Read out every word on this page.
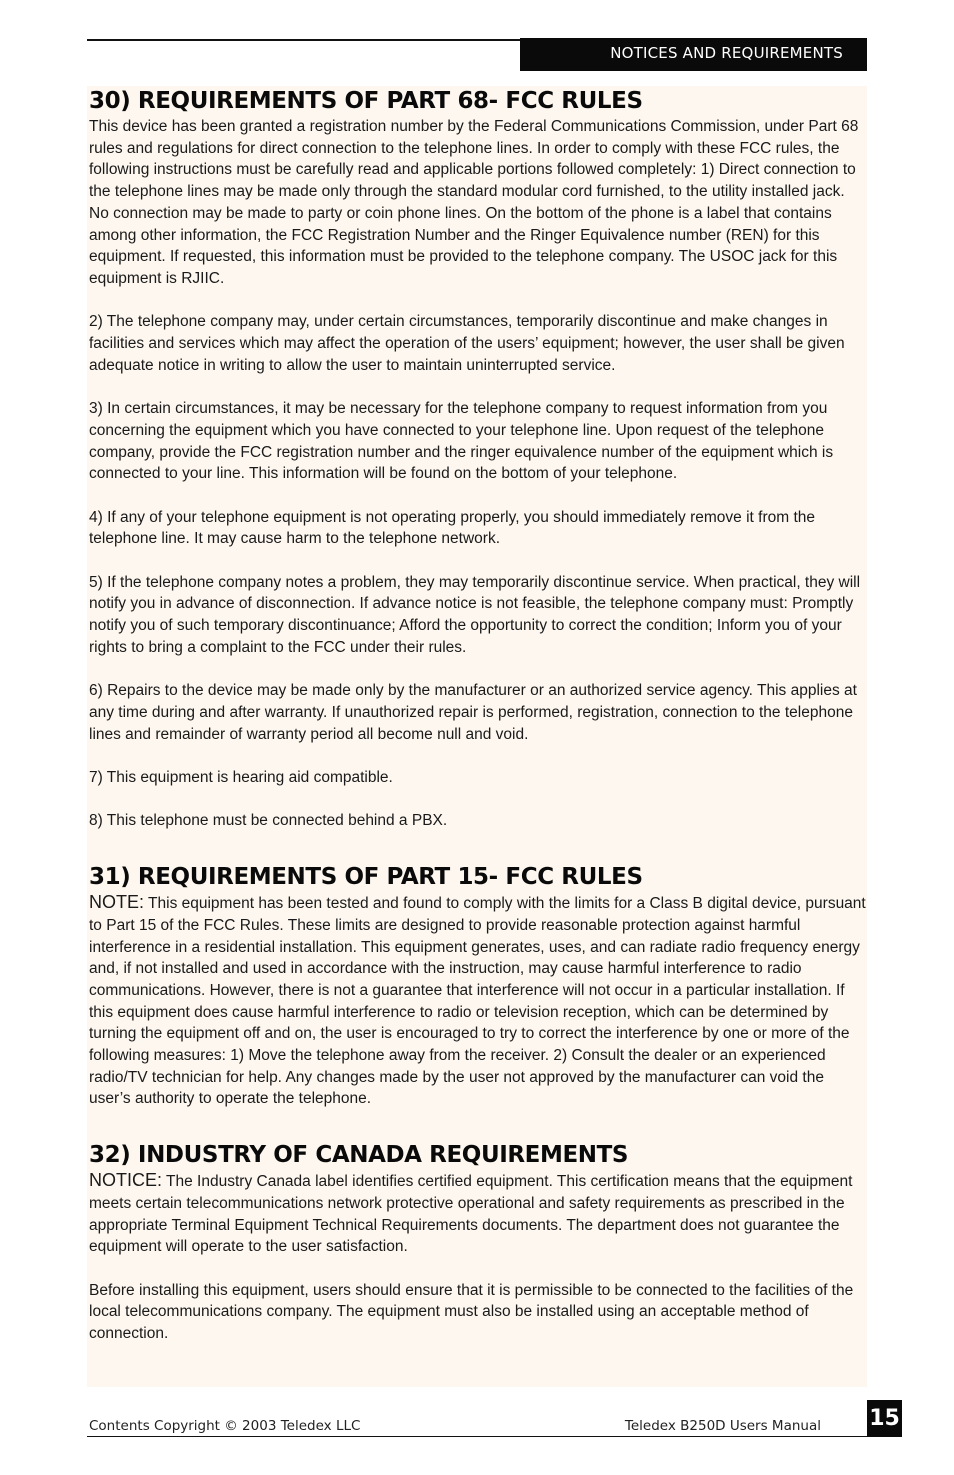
NOTICES AND REQUIREMENTS
30) REQUIREMENTS OF PART 68- FCC RULES

This device has been granted a registration number by the Federal Communications Commission, under Part 68 rules and regulations for direct connection to the telephone lines. In order to comply with these FCC rules, the following instructions must be carefully read and applicable portions followed completely: 1) Direct connection to the telephone lines may be made only through the standard modular cord furnished, to the utility installed jack. No connection may be made to party or coin phone lines. On the bottom of the phone is a label that contains among other information, the FCC Registration Number and the Ringer Equivalence number (REN) for this equipment. If requested, this information must be provided to the telephone company. The USOC jack for this equipment is RJIIC.

2) The telephone company may, under certain circumstances, temporarily discontinue and make changes in facilities and services which may affect the operation of the users’ equipment; however, the user shall be given adequate notice in writing to allow the user to maintain uninterrupted service.

3) In certain circumstances, it may be necessary for the telephone company to request information from you concerning the equipment which you have connected to your telephone line. Upon request of the telephone company, provide the FCC registration number and the ringer equivalence number of the equipment which is connected to your line. This information will be found on the bottom of your telephone.

4) If any of your telephone equipment is not operating properly, you should immediately remove it from the telephone line. It may cause harm to the telephone network.

5) If the telephone company notes a problem, they may temporarily discontinue service. When practical, they will notify you in advance of disconnection. If advance notice is not feasible, the telephone company must: Promptly notify you of such temporary discontinuance; Afford the opportunity to correct the condition; Inform you of your rights to bring a complaint to the FCC under their rules.

6) Repairs to the device may be made only by the manufacturer or an authorized service agency. This applies at any time during and after warranty. If unauthorized repair is performed, registration, connection to the telephone lines and remainder of warranty period all become null and void.

7) This equipment is hearing aid compatible.

8) This telephone must be connected behind a PBX.

31) REQUIREMENTS OF PART 15- FCC RULES

NOTE: This equipment has been tested and found to comply with the limits for a Class B digital device, pursuant to Part 15 of the FCC Rules. These limits are designed to provide reasonable protection against harmful interference in a residential installation. This equipment generates, uses, and can radiate radio frequency energy and, if not installed and used in accordance with the instruction, may cause harmful interference to radio communications. However, there is not a guarantee that interference will not occur in a particular installation. If this equipment does cause harmful interference to radio or television reception, which can be determined by turning the equipment off and on, the user is encouraged to try to correct the interference by one or more of the following measures: 1) Move the telephone away from the receiver. 2) Consult the dealer or an experienced radio/TV technician for help. Any changes made by the user not approved by the manufacturer can void the user’s authority to operate the telephone.

32) INDUSTRY OF CANADA REQUIREMENTS

NOTICE: The Industry Canada label identifies certified equipment. This certification means that the equipment meets certain telecommunications network protective operational and safety requirements as prescribed in the appropriate Terminal Equipment Technical Requirements documents. The department does not guarantee the equipment will operate to the user satisfaction.

Before installing this equipment, users should ensure that it is permissible to be connected to the facilities of the local telecommunications company. The equipment must also be installed using an acceptable method of connection.

Contents Copyright © 2003 Teledex LLC	Teledex B250D Users Manual 15
